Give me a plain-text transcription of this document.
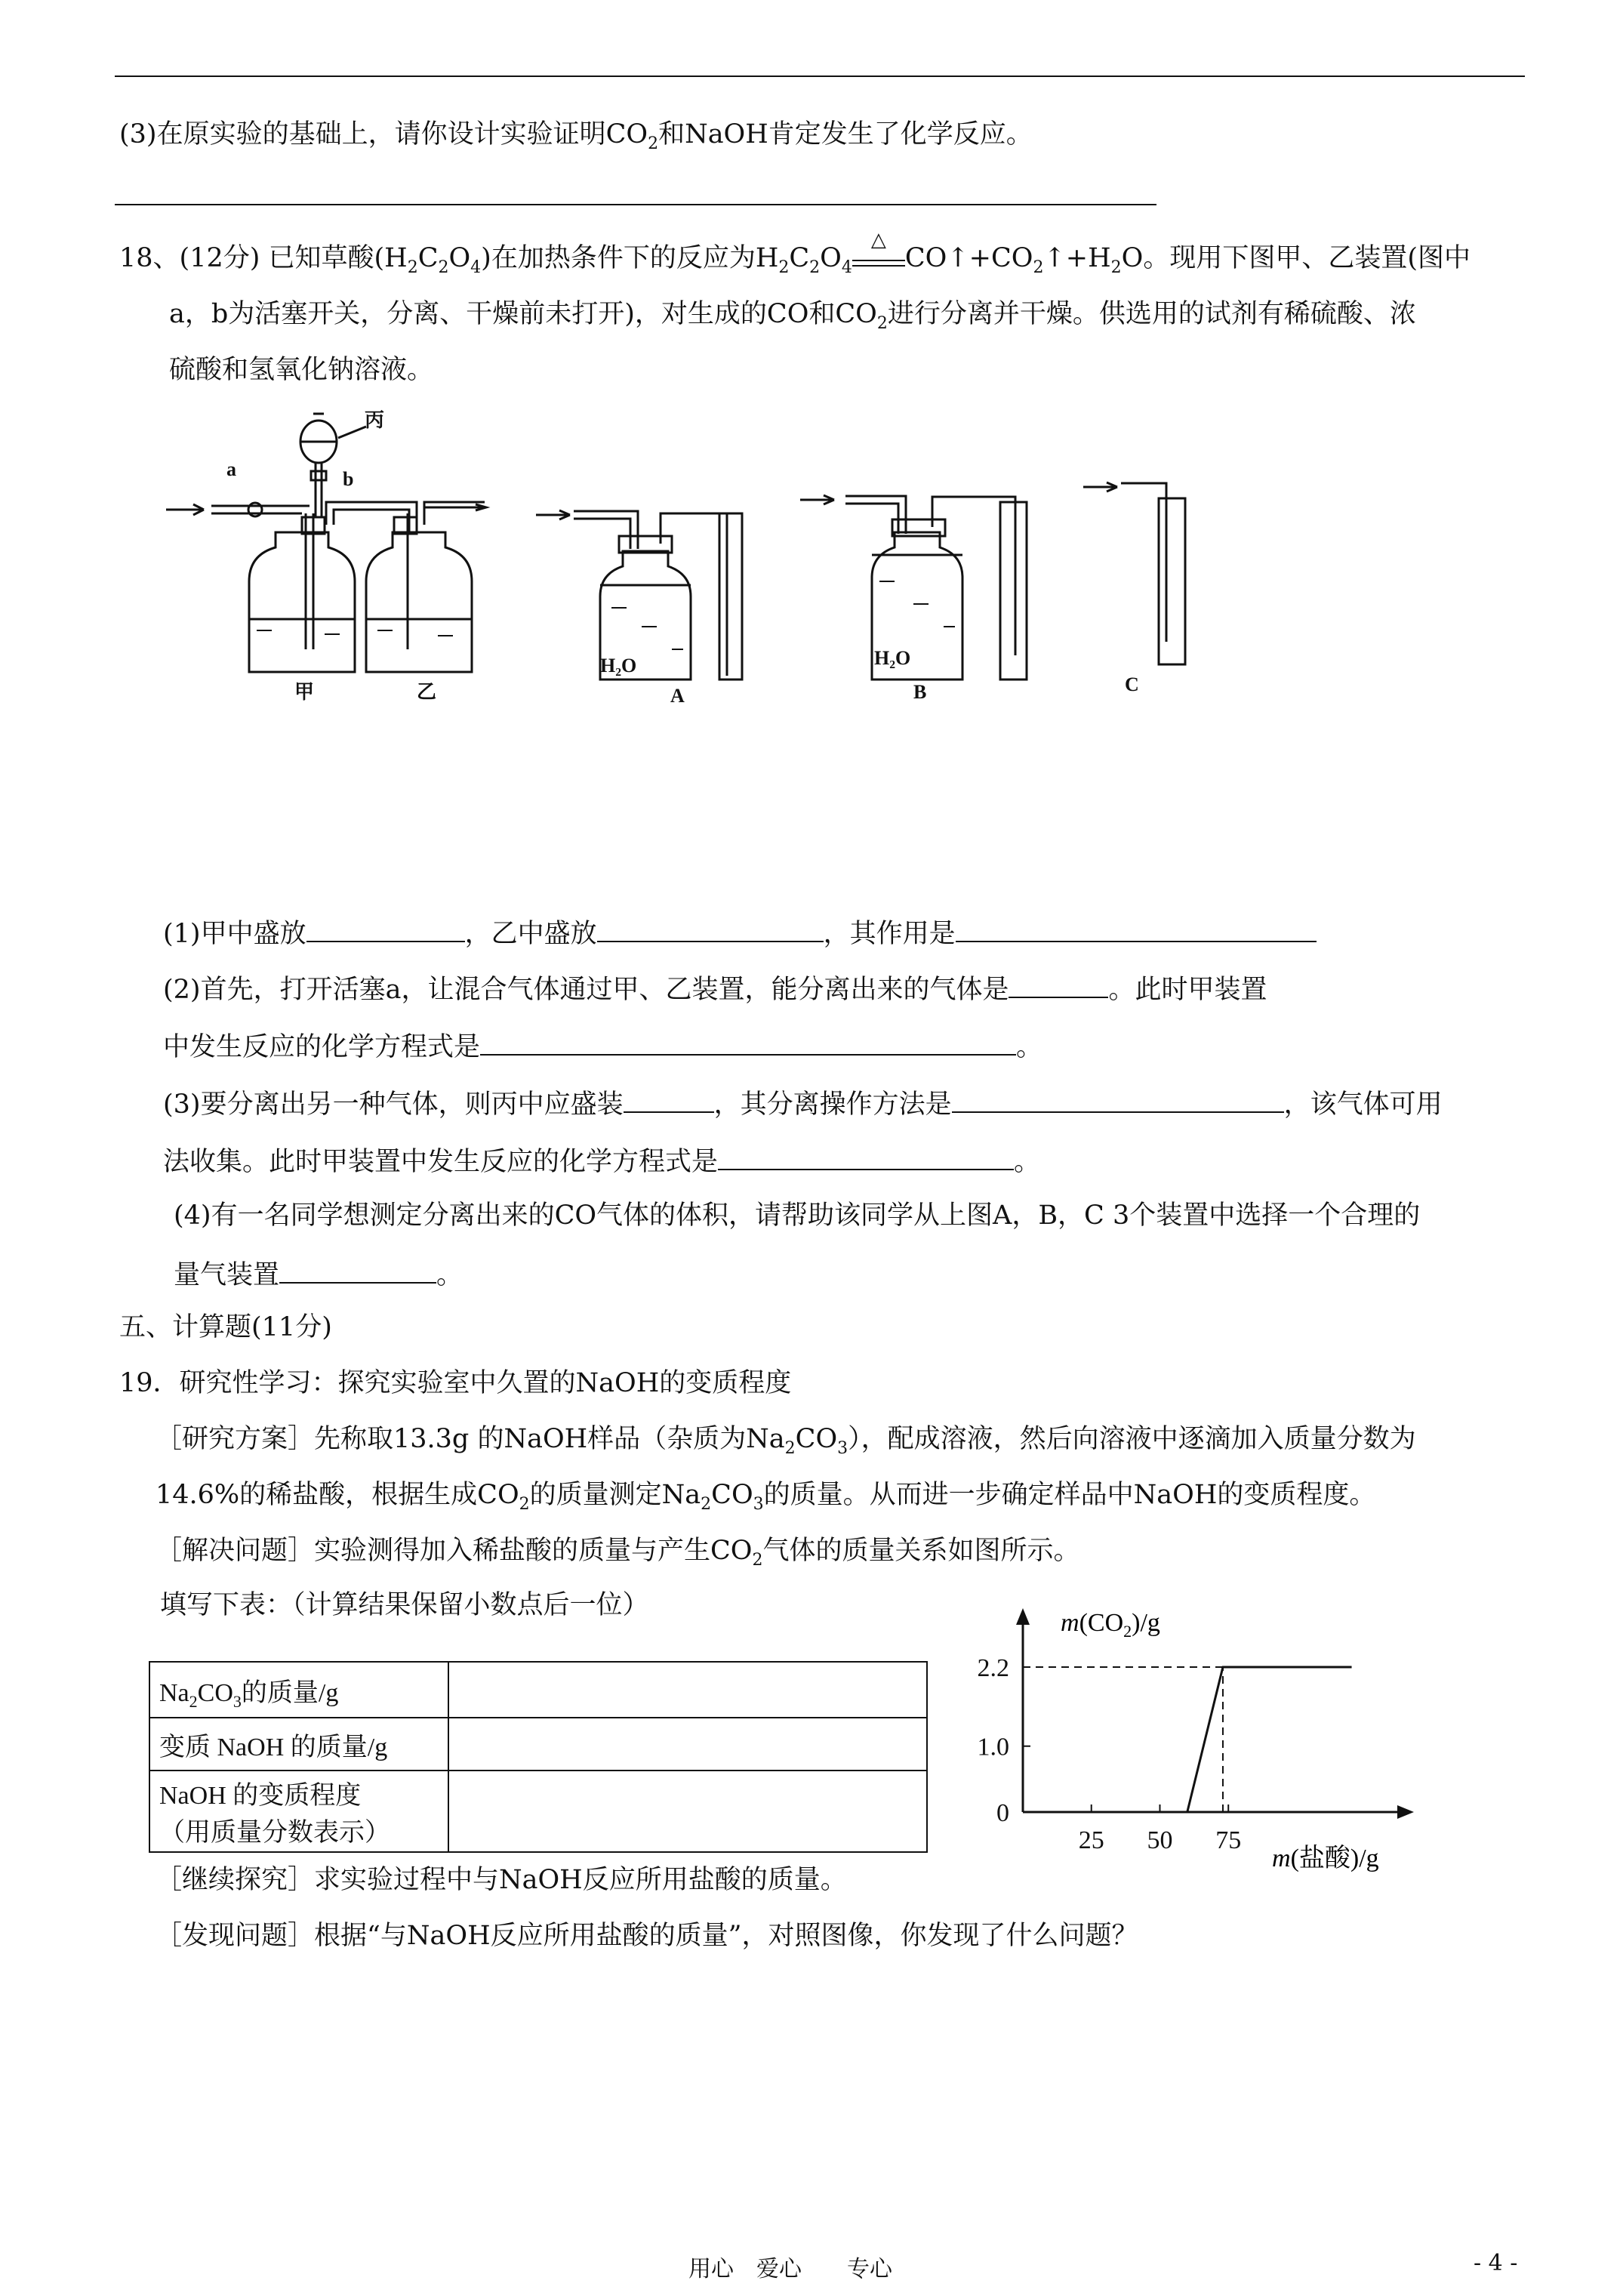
(3)在原实验的基础上，请你设计实验证明$CO_2$和NaOH肯定发生了化学反应。
18、(12分) 已知草酸$(H_2C_2O_4)$在加热条件下的反应为$H_2C_2O_4$
△
$CO↑+CO_2↑+H_2O$。现用下图甲、乙装置(图中
a，b为活塞开关，分离、干燥前未打开)，对生成的CO和$CO_2$进行分离并干燥。供选用的试剂有稀硫酸、浓
硫酸和氢氧化钠溶液。
a	b
丙
甲	乙
H₂O
A
H₂O
B	C
(1)甲中盛放	，乙中盛放	，其作用是
(2)首先，打开活塞a，让混合气体通过甲、乙装置，能分离出来的气体是	。此时甲装置
中发生反应的化学方程式是	。
(3)要分离出另一种气体，则丙中应盛装	，其分离操作方法是	，该气体可用
法收集。此时甲装置中发生反应的化学方程式是	。
(4)有一名同学想测定分离出来的CO气体的体积，请帮助该同学从上图A，B，C 3个装置中选择一个合理的
量气装置	。
五、计算题(11分)
19．研究性学习：探究实验室中久置的NaOH的变质程度
［研究方案］先称取13.3g 的NaOH样品（杂质为$Na_2CO_3$），配成溶液，然后向溶液中逐滴加入质量分数为
14.6%的稀盐酸，根据生成$CO_2$的质量测定$Na_2CO_3$的质量。从而进一步确定样品中NaOH的变质程度。
［解决问题］实验测得加入稀盐酸的质量与产生$CO_2$气体的质量关系如图所示。
填写下表：（计算结果保留小数点后一位）
$Na_2CO_3$的质量/g	
变质 NaOH 的质量/g	

NaOH 的变质程度
（用质量分数表示）	
		25 50 75
2.2
1.0
0
$m(CO_2)/g$
m(盐酸)/g
［继续探究］求实验过程中与NaOH反应所用盐酸的质量。
［发现问题］根据“与NaOH反应所用盐酸的质量”，对照图像，你发现了什么问题？
用心　爱心　　专心	- 4 -
